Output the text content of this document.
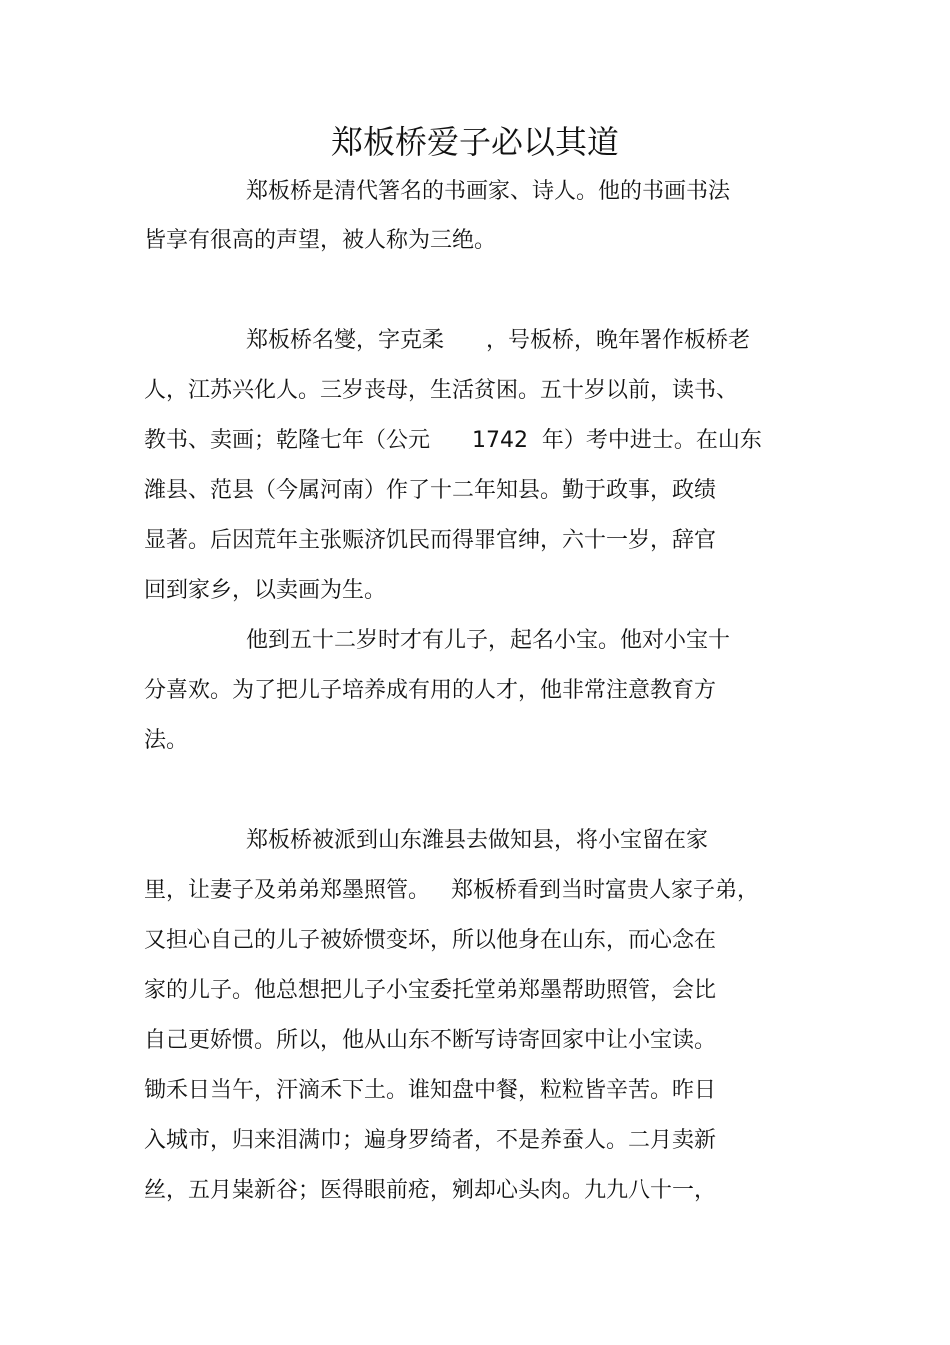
郑板桥爱子必以其道
郑板桥是清代箸名的书画家、诗人。他的书画书法
皆享有很高的声望，被人称为三绝。
郑板桥名燮，字克柔      ，号板桥，晚年署作板桥老
人，江苏兴化人。三岁丧母，生活贫困。五十岁以前，读书、
教书、卖画；乾隆七年（公元      1742  年）考中进士。在山东
潍县、范县（今属河南）作了十二年知县。勤于政事，政绩
显著。后因荒年主张赈济饥民而得罪官绅，六十一岁，辞官
回到家乡，以卖画为生。
他到五十二岁时才有儿子，起名小宝。他对小宝十
分喜欢。为了把儿子培养成有用的人才，他非常注意教育方
法。
郑板桥被派到山东潍县去做知县，将小宝留在家
里，让妻子及弟弟郑墨照管。   郑板桥看到当时富贵人家子弟，
又担心自己的儿子被娇惯变坏，所以他身在山东，而心念在
家的儿子。他总想把儿子小宝委托堂弟郑墨帮助照管，会比
自己更娇惯。所以，他从山东不断写诗寄回家中让小宝读。
锄禾日当午，汗滴禾下土。谁知盘中餐，粒粒皆辛苦。昨日
入城市，归来泪满巾；遍身罗绮者，不是养蚕人。二月卖新
丝，五月粜新谷；医得眼前疮，剜却心头肉。九九八十一，
